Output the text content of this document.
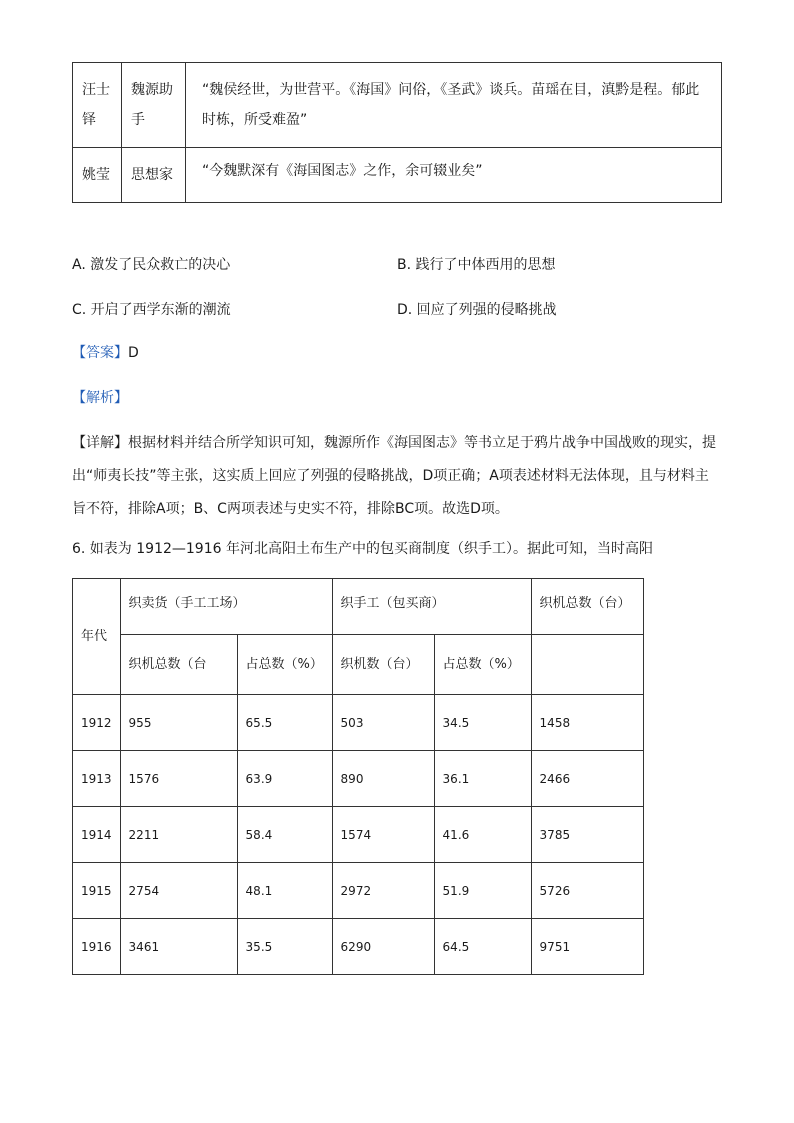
汪士铎	魏源助手	“魏侯经世，为世营平。《海国》问俗，《圣武》谈兵。苗瑶在目，滇黔是程。郁此时栋，所受难盈”
姚莹	思想家	“今魏默深有《海国图志》之作，余可辍业矣”
A. 激发了民众救亡的决心	B. 践行了中体西用的思想
C. 开启了西学东渐的潮流	D. 回应了列强的侵略挑战
【答案】D
【解析】
【详解】根据材料并结合所学知识可知，魏源所作《海国图志》等书立足于鸦片战争中国战败的现实，提出“师夷长技”等主张，这实质上回应了列强的侵略挑战，D项正确；A项表述材料无法体现，且与材料主旨不符，排除A项；B、C两项表述与史实不符，排除BC项。故选D项。
6. 如表为 1912—1916 年河北高阳土布生产中的包买商制度（织手工）。据此可知，当时高阳
年代	织卖货（手工工场）		织手工（包买商）		织机总数（台）
	织机总数（台	占总数（%）	织机数（台）	占总数（%）	
1912	955	65.5	503	34.5	1458
1913	1576	63.9	890	36.1	2466
1914	2211	58.4	1574	41.6	3785
1915	2754	48.1	2972	51.9	5726
1916	3461	35.5	6290	64.5	9751
